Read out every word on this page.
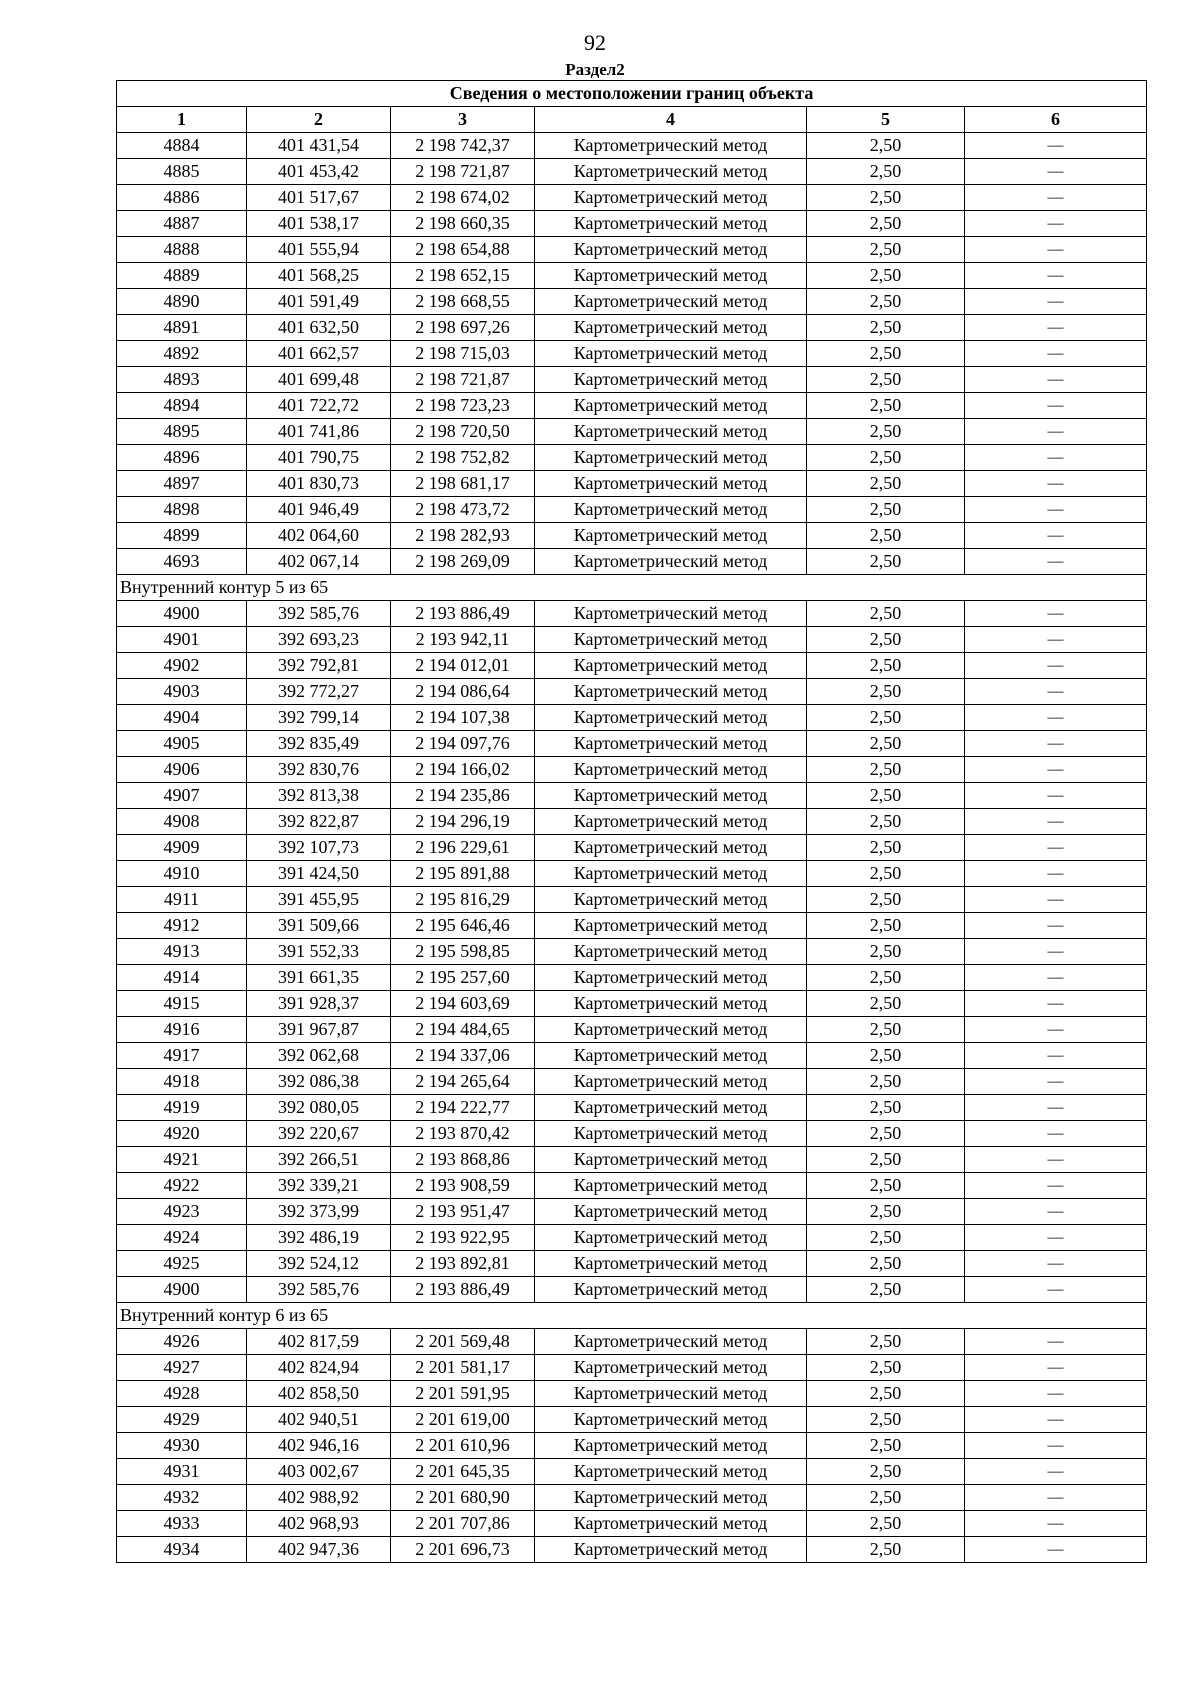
92
Раздел2
Сведения о местоположении границ объекта					
1	2	3	4	5	6
4884	401 431,54	2 198 742,37	Картометрический метод	2,50	—
4885	401 453,42	2 198 721,87	Картометрический метод	2,50	—
4886	401 517,67	2 198 674,02	Картометрический метод	2,50	—
4887	401 538,17	2 198 660,35	Картометрический метод	2,50	—
4888	401 555,94	2 198 654,88	Картометрический метод	2,50	—
4889	401 568,25	2 198 652,15	Картометрический метод	2,50	—
4890	401 591,49	2 198 668,55	Картометрический метод	2,50	—
4891	401 632,50	2 198 697,26	Картометрический метод	2,50	—
4892	401 662,57	2 198 715,03	Картометрический метод	2,50	—
4893	401 699,48	2 198 721,87	Картометрический метод	2,50	—
4894	401 722,72	2 198 723,23	Картометрический метод	2,50	—
4895	401 741,86	2 198 720,50	Картометрический метод	2,50	—
4896	401 790,75	2 198 752,82	Картометрический метод	2,50	—
4897	401 830,73	2 198 681,17	Картометрический метод	2,50	—
4898	401 946,49	2 198 473,72	Картометрический метод	2,50	—
4899	402 064,60	2 198 282,93	Картометрический метод	2,50	—
4693	402 067,14	2 198 269,09	Картометрический метод	2,50	—
Внутренний контур 5 из 65					
4900	392 585,76	2 193 886,49	Картометрический метод	2,50	—
4901	392 693,23	2 193 942,11	Картометрический метод	2,50	—
4902	392 792,81	2 194 012,01	Картометрический метод	2,50	—
4903	392 772,27	2 194 086,64	Картометрический метод	2,50	—
4904	392 799,14	2 194 107,38	Картометрический метод	2,50	—
4905	392 835,49	2 194 097,76	Картометрический метод	2,50	—
4906	392 830,76	2 194 166,02	Картометрический метод	2,50	—
4907	392 813,38	2 194 235,86	Картометрический метод	2,50	—
4908	392 822,87	2 194 296,19	Картометрический метод	2,50	—
4909	392 107,73	2 196 229,61	Картометрический метод	2,50	—
4910	391 424,50	2 195 891,88	Картометрический метод	2,50	—
4911	391 455,95	2 195 816,29	Картометрический метод	2,50	—
4912	391 509,66	2 195 646,46	Картометрический метод	2,50	—
4913	391 552,33	2 195 598,85	Картометрический метод	2,50	—
4914	391 661,35	2 195 257,60	Картометрический метод	2,50	—
4915	391 928,37	2 194 603,69	Картометрический метод	2,50	—
4916	391 967,87	2 194 484,65	Картометрический метод	2,50	—
4917	392 062,68	2 194 337,06	Картометрический метод	2,50	—
4918	392 086,38	2 194 265,64	Картометрический метод	2,50	—
4919	392 080,05	2 194 222,77	Картометрический метод	2,50	—
4920	392 220,67	2 193 870,42	Картометрический метод	2,50	—
4921	392 266,51	2 193 868,86	Картометрический метод	2,50	—
4922	392 339,21	2 193 908,59	Картометрический метод	2,50	—
4923	392 373,99	2 193 951,47	Картометрический метод	2,50	—
4924	392 486,19	2 193 922,95	Картометрический метод	2,50	—
4925	392 524,12	2 193 892,81	Картометрический метод	2,50	—
4900	392 585,76	2 193 886,49	Картометрический метод	2,50	—
Внутренний контур 6 из 65					
4926	402 817,59	2 201 569,48	Картометрический метод	2,50	—
4927	402 824,94	2 201 581,17	Картометрический метод	2,50	—
4928	402 858,50	2 201 591,95	Картометрический метод	2,50	—
4929	402 940,51	2 201 619,00	Картометрический метод	2,50	—
4930	402 946,16	2 201 610,96	Картометрический метод	2,50	—
4931	403 002,67	2 201 645,35	Картометрический метод	2,50	—
4932	402 988,92	2 201 680,90	Картометрический метод	2,50	—
4933	402 968,93	2 201 707,86	Картометрический метод	2,50	—
4934	402 947,36	2 201 696,73	Картометрический метод	2,50	—
